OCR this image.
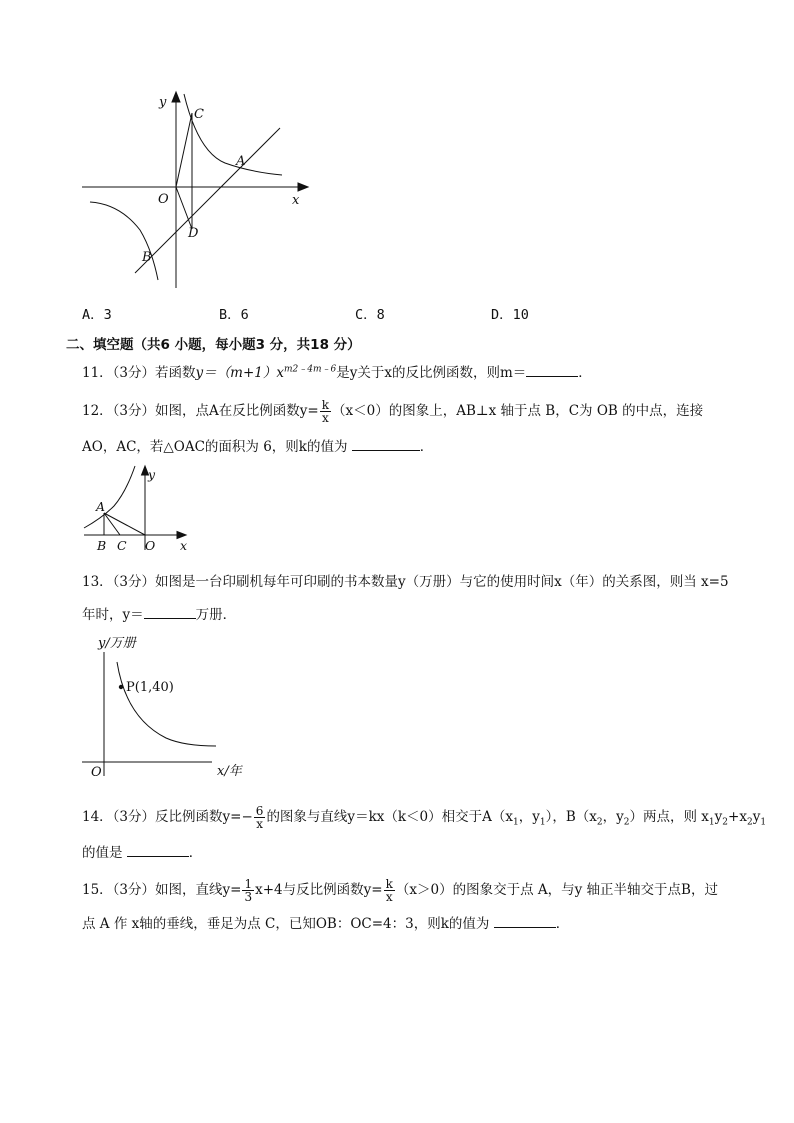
y
x
O
A
B
C
D
A．3	B．6	C．8	D．10
二、填空题（共6 小题，每小题3 分，共18 分）
11．（3分）若函数$y=(m+1)x^{m2﹣4m﹣6}$是y关于x的反比例函数，则m＝	．
12．（3分）如图，点A在反比例函数$y= \frac{k}{x} (x<0)$的图象上，AB⊥x 轴于点 B，C为 OB 的中点，连接
AO，AC，若△OAC的面积为 6，则k的值为	．
y
x
A
B C O
13．（3分）如图是一台印刷机每年可印刷的书本数量y（万册）与它的使用时间x（年）的关系图，则当 x=5
年时，y＝	万册．
y/万册
x/年
O
P(1,40)
14．（3分）反比例函数$y=- \frac{6}{x}$ 的图象与直线y＝kx（k＜0）相交于$A(x_1$，$y_1$），$B(x_2$，$y_2$）两点，则 $x_1y_2+x_2y_1$
的值是	．
15．（3分）如图，直线$y= \frac{1}{3} x+4$与反比例函数$y= \frac{k}{x} (x>0)$的图象交于点 A，与y 轴正半轴交于点B，过
点 A 作 x轴的垂线，垂足为点 C，已知OB：OC=4：3，则k的值为	．
